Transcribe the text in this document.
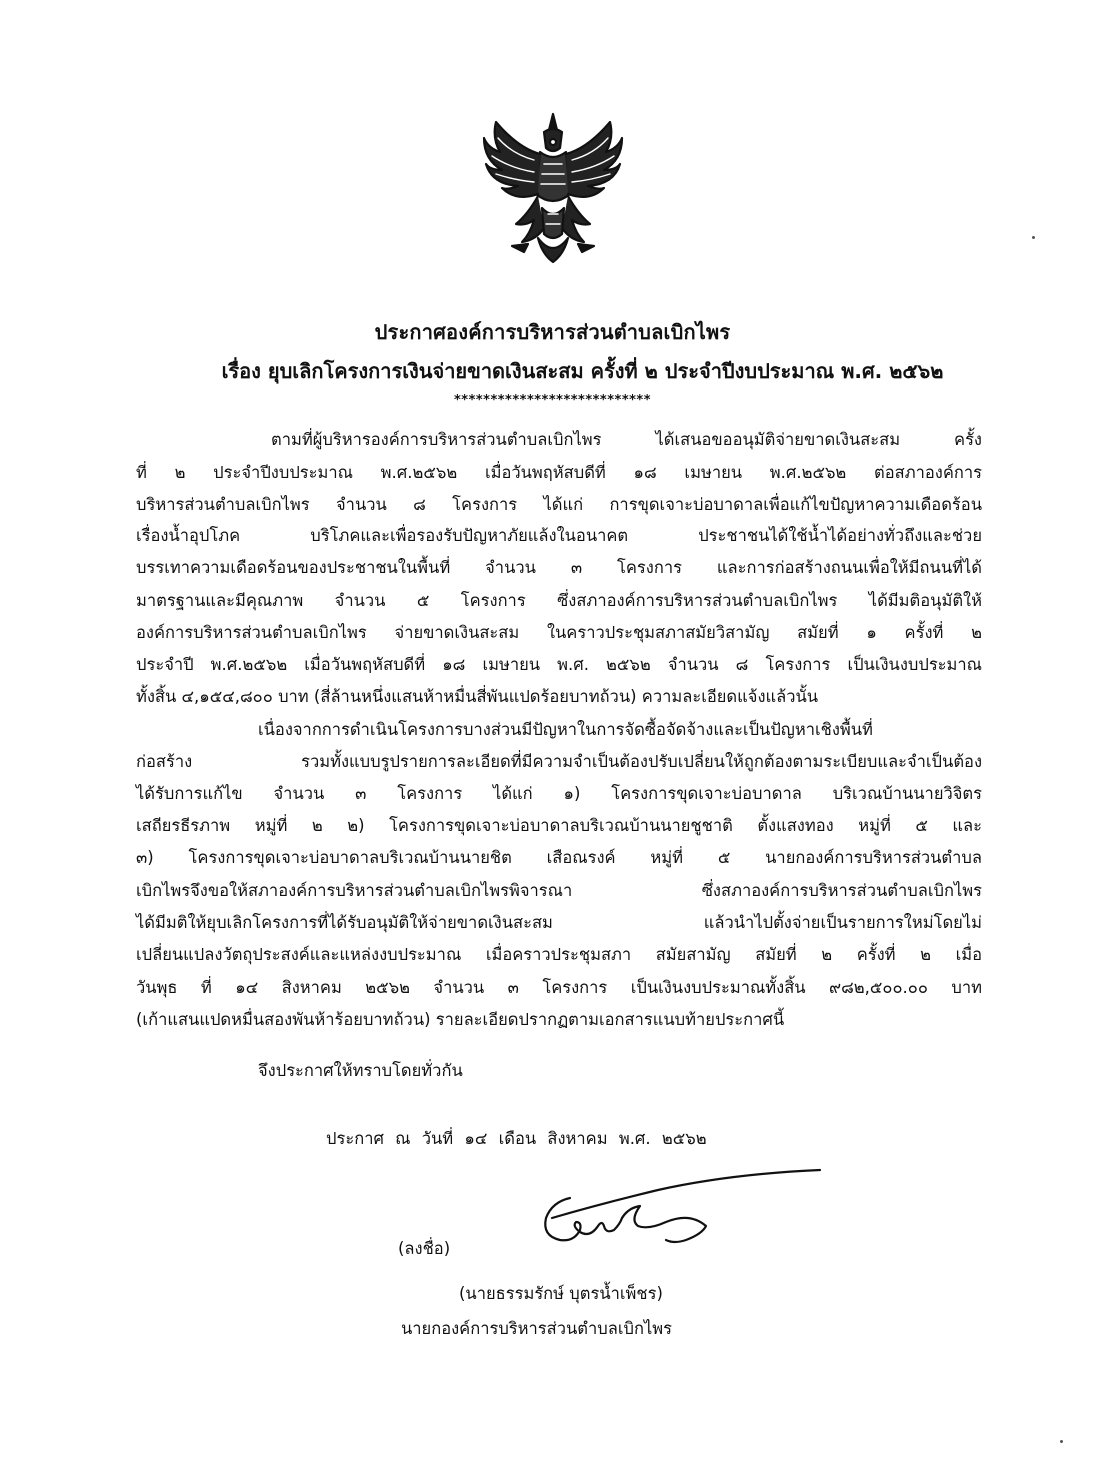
ประกาศองค์การบริหารส่วนตำบลเบิกไพร
เรื่อง ยุบเลิกโครงการเงินจ่ายขาดเงินสะสม ครั้งที่ ๒ ประจำปีงบประมาณ พ.ศ. ๒๕๖๒
***************************
ตามที่ผู้บริหารองค์การบริหารส่วนตำบลเบิกไพร ได้เสนอขออนุมัติจ่ายขาดเงินสะสม ครั้ง
ที่ ๒ ประจำปีงบประมาณ พ.ศ.๒๕๖๒ เมื่อวันพฤหัสบดีที่ ๑๘ เมษายน พ.ศ.๒๕๖๒ ต่อสภาองค์การ
บริหารส่วนตำบลเบิกไพร จำนวน ๘ โครงการ ได้แก่ การขุดเจาะบ่อบาดาลเพื่อแก้ไขปัญหาความเดือดร้อน
เรื่องน้ำอุปโภค บริโภคและเพื่อรองรับปัญหาภัยแล้งในอนาคต ประชาชนได้ใช้น้ำได้อย่างทั่วถึงและช่วย
บรรเทาความเดือดร้อนของประชาชนในพื้นที่ จำนวน ๓ โครงการ และการก่อสร้างถนนเพื่อให้มีถนนที่ได้
มาตรฐานและมีคุณภาพ จำนวน ๕ โครงการ ซึ่งสภาองค์การบริหารส่วนตำบลเบิกไพร ได้มีมติอนุมัติให้
องค์การบริหารส่วนตำบลเบิกไพร จ่ายขาดเงินสะสม ในคราวประชุมสภาสมัยวิสามัญ สมัยที่ ๑ ครั้งที่ ๒
ประจำปี พ.ศ.๒๕๖๒ เมื่อวันพฤหัสบดีที่ ๑๘ เมษายน พ.ศ. ๒๕๖๒ จำนวน ๘ โครงการ เป็นเงินงบประมาณ
ทั้งสิ้น ๔,๑๕๔,๘๐๐ บาท (สี่ล้านหนึ่งแสนห้าหมื่นสี่พันแปดร้อยบาทถ้วน) ความละเอียดแจ้งแล้วนั้น
เนื่องจากการดำเนินโครงการบางส่วนมีปัญหาในการจัดซื้อจัดจ้างและเป็นปัญหาเชิงพื้นที่
ก่อสร้าง รวมทั้งแบบรูปรายการละเอียดที่มีความจำเป็นต้องปรับเปลี่ยนให้ถูกต้องตามระเบียบและจำเป็นต้อง
ได้รับการแก้ไข จำนวน ๓ โครงการ ได้แก่ ๑) โครงการขุดเจาะบ่อบาดาล บริเวณบ้านนายวิจิตร
เสถียรธีรภาพ หมู่ที่ ๒ ๒) โครงการขุดเจาะบ่อบาดาลบริเวณบ้านนายชูชาติ ตั้งแสงทอง หมู่ที่ ๕ และ
๓) โครงการขุดเจาะบ่อบาดาลบริเวณบ้านนายชิต เสือณรงค์ หมู่ที่ ๕ นายกองค์การบริหารส่วนตำบล
เบิกไพรจึงขอให้สภาองค์การบริหารส่วนตำบลเบิกไพรพิจารณา ซึ่งสภาองค์การบริหารส่วนตำบลเบิกไพร
ได้มีมติให้ยุบเลิกโครงการที่ได้รับอนุมัติให้จ่ายขาดเงินสะสม แล้วนำไปตั้งจ่ายเป็นรายการใหม่โดยไม่
เปลี่ยนแปลงวัตถุประสงค์และแหล่งงบประมาณ เมื่อคราวประชุมสภา สมัยสามัญ สมัยที่ ๒ ครั้งที่ ๒ เมื่อ
วันพุธ ที่ ๑๔ สิงหาคม ๒๕๖๒ จำนวน ๓ โครงการ เป็นเงินงบประมาณทั้งสิ้น ๙๘๒,๕๐๐.๐๐ บาท
(เก้าแสนแปดหมื่นสองพันห้าร้อยบาทถ้วน) รายละเอียดปรากฏตามเอกสารแนบท้ายประกาศนี้
จึงประกาศให้ทราบโดยทั่วกัน
ประกาศ ณ วันที่ ๑๔ เดือน สิงหาคม พ.ศ. ๒๕๖๒
(ลงชื่อ)
(นายธรรมรักษ์ บุตรน้ำเพ็ชร)
นายกองค์การบริหารส่วนตำบลเบิกไพร
